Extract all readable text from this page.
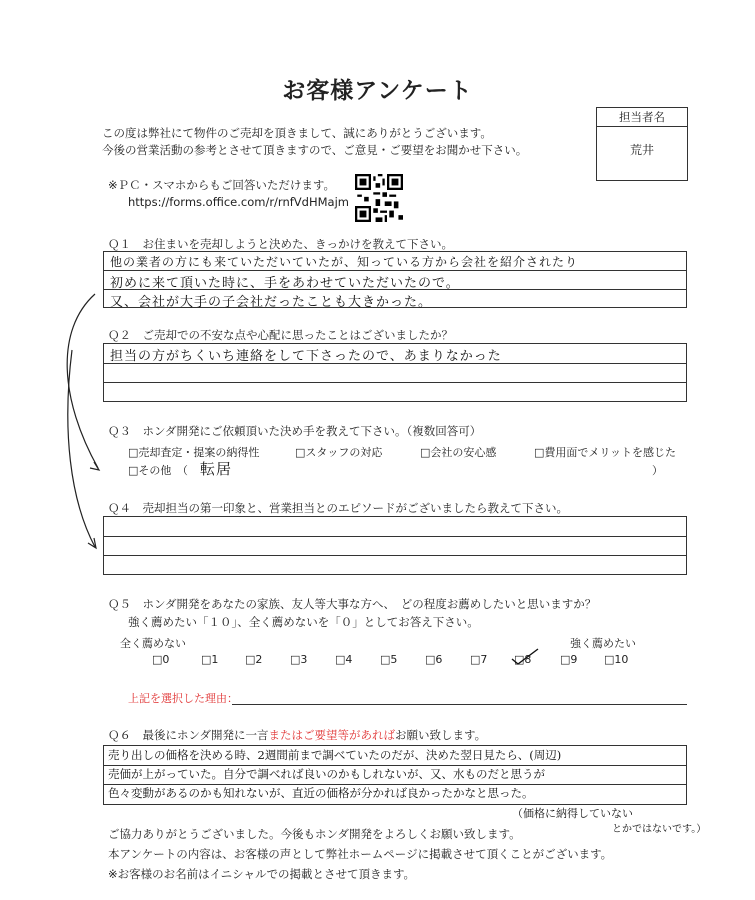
お客様アンケート
この度は弊社にて物件のご売却を頂きまして、誠にありがとうございます。
今後の営業活動の参考とさせて頂きますので、ご意見・ご要望をお聞かせ下さい。
担当者名
荒井
※ＰＣ・スマホからもご回答いただけます。
https://forms.office.com/r/rnfVdHMajm
Ｑ１　お住まいを売却しようと決めた、きっかけを教えて下さい。
他の業者の方にも来ていただいていたが、知っている方から会社を紹介されたり
初めに来て頂いた時に、手をあわせていただいたので。
又、会社が大手の子会社だったことも大きかった。
Ｑ２　ご売却での不安な点や心配に思ったことはございましたか？
担当の方がちくいち連絡をして下さったので、あまりなかった
Ｑ３　ホンダ開発にご依頼頂いた決め手を教えて下さい。（複数回答可）
□売却査定・提案の納得性	□スタッフの対応	□会社の安心感	□費用面でメリットを感じた
□その他　（ 転居	）
Ｑ４　売却担当の第一印象と、営業担当とのエピソードがございましたら教えて下さい。
Ｑ５　ホンダ開発をあなたの家族、友人等大事な方へ、　どの程度お薦めしたいと思いますか？
強く薦めたい「１０」、全く薦めないを「０」としてお答え下さい。
全く薦めない	強く薦めたい
□0	□1 □2	□3	□4	□5	□6	□7 □8	□9 □10
上記を選択した理由：
Ｑ６　最後にホンダ開発に一言またはご要望等があればお願い致します。
売り出しの価格を決める時、2週間前まで調べていたのだが、決めた翌日見たら、(周辺)
売価が上がっていた。自分で調べれば良いのかもしれないが、又、水ものだと思うが
色々変動があるのかも知れないが、直近の価格が分かれば良かったかなと思った。
（価格に納得していない
とかではないです。）
ご協力ありがとうございました。今後もホンダ開発をよろしくお願い致します。
本アンケートの内容は、お客様の声として弊社ホームページに掲載させて頂くことがございます。
※お客様のお名前はイニシャルでの掲載とさせて頂きます。
